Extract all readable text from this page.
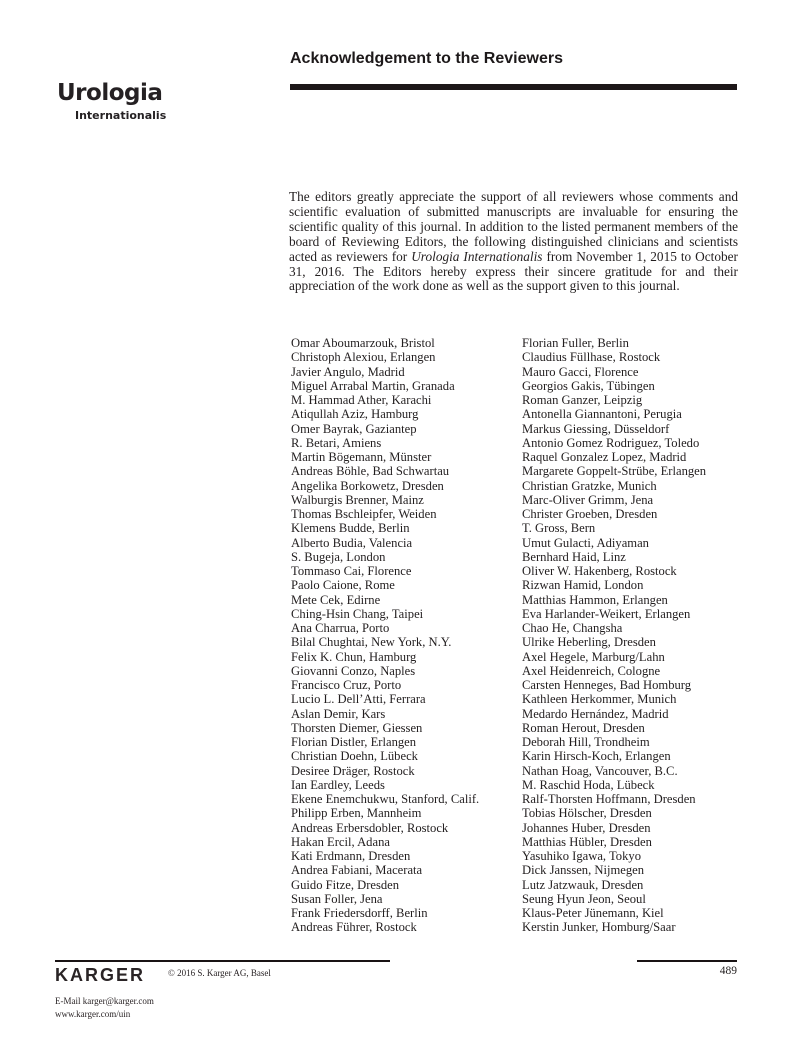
Urologia
Internationalis
Acknowledgement to the Reviewers

The editors greatly appreciate the support of all reviewers whose comments and scientific evaluation of submitted manuscripts are invaluable for ensuring the scientific quality of this journal. In addition to the listed permanent members of the board of Reviewing Editors, the following distinguished clinicians and scientists acted as reviewers for Urologia Internationalis from November 1, 2015 to October 31, 2016. The Editors hereby express their sincere gratitude for and their appreciation of the work done as well as the support given to this journal.

Omar Aboumarzouk, Bristol
Christoph Alexiou, Erlangen
Javier Angulo, Madrid
Miguel Arrabal Martin, Granada
M. Hammad Ather, Karachi
Atiqullah Aziz, Hamburg
Omer Bayrak, Gaziantep
R. Betari, Amiens
Martin Bögemann, Münster
Andreas Böhle, Bad Schwartau
Angelika Borkowetz, Dresden
Walburgis Brenner, Mainz
Thomas Bschleipfer, Weiden
Klemens Budde, Berlin
Alberto Budia, Valencia
S. Bugeja, London
Tommaso Cai, Florence
Paolo Caione, Rome
Mete Cek, Edirne
Ching-Hsin Chang, Taipei
Ana Charrua, Porto
Bilal Chughtai, New York, N.Y.
Felix K. Chun, Hamburg
Giovanni Conzo, Naples
Francisco Cruz, Porto
Lucio L. Dell’Atti, Ferrara
Aslan Demir, Kars
Thorsten Diemer, Giessen
Florian Distler, Erlangen
Christian Doehn, Lübeck
Desiree Dräger, Rostock
Ian Eardley, Leeds
Ekene Enemchukwu, Stanford, Calif.
Philipp Erben, Mannheim
Andreas Erbersdobler, Rostock
Hakan Ercil, Adana
Kati Erdmann, Dresden
Andrea Fabiani, Macerata
Guido Fitze, Dresden
Susan Foller, Jena
Frank Friedersdorff, Berlin
Andreas Führer, Rostock
Florian Fuller, Berlin
Claudius Füllhase, Rostock
Mauro Gacci, Florence
Georgios Gakis, Tübingen
Roman Ganzer, Leipzig
Antonella Giannantoni, Perugia
Markus Giessing, Düsseldorf
Antonio Gomez Rodriguez, Toledo
Raquel Gonzalez Lopez, Madrid
Margarete Goppelt-Strübe, Erlangen
Christian Gratzke, Munich
Marc-Oliver Grimm, Jena
Christer Groeben, Dresden
T. Gross, Bern
Umut Gulacti, Adiyaman
Bernhard Haid, Linz
Oliver W. Hakenberg, Rostock
Rizwan Hamid, London
Matthias Hammon, Erlangen
Eva Harlander-Weikert, Erlangen
Chao He, Changsha
Ulrike Heberling, Dresden
Axel Hegele, Marburg/Lahn
Axel Heidenreich, Cologne
Carsten Henneges, Bad Homburg
Kathleen Herkommer, Munich
Medardo Hernández, Madrid
Roman Herout, Dresden
Deborah Hill, Trondheim
Karin Hirsch-Koch, Erlangen
Nathan Hoag, Vancouver, B.C.
M. Raschid Hoda, Lübeck
Ralf-Thorsten Hoffmann, Dresden
Tobias Hölscher, Dresden
Johannes Huber, Dresden
Matthias Hübler, Dresden
Yasuhiko Igawa, Tokyo
Dick Janssen, Nijmegen
Lutz Jatzwauk, Dresden
Seung Hyun Jeon, Seoul
Klaus-Peter Jünemann, Kiel
Kerstin Junker, Homburg/Saar
KARGER	© 2016 S. Karger AG, Basel
E-Mail karger@karger.com
www.karger.com/uin
489
